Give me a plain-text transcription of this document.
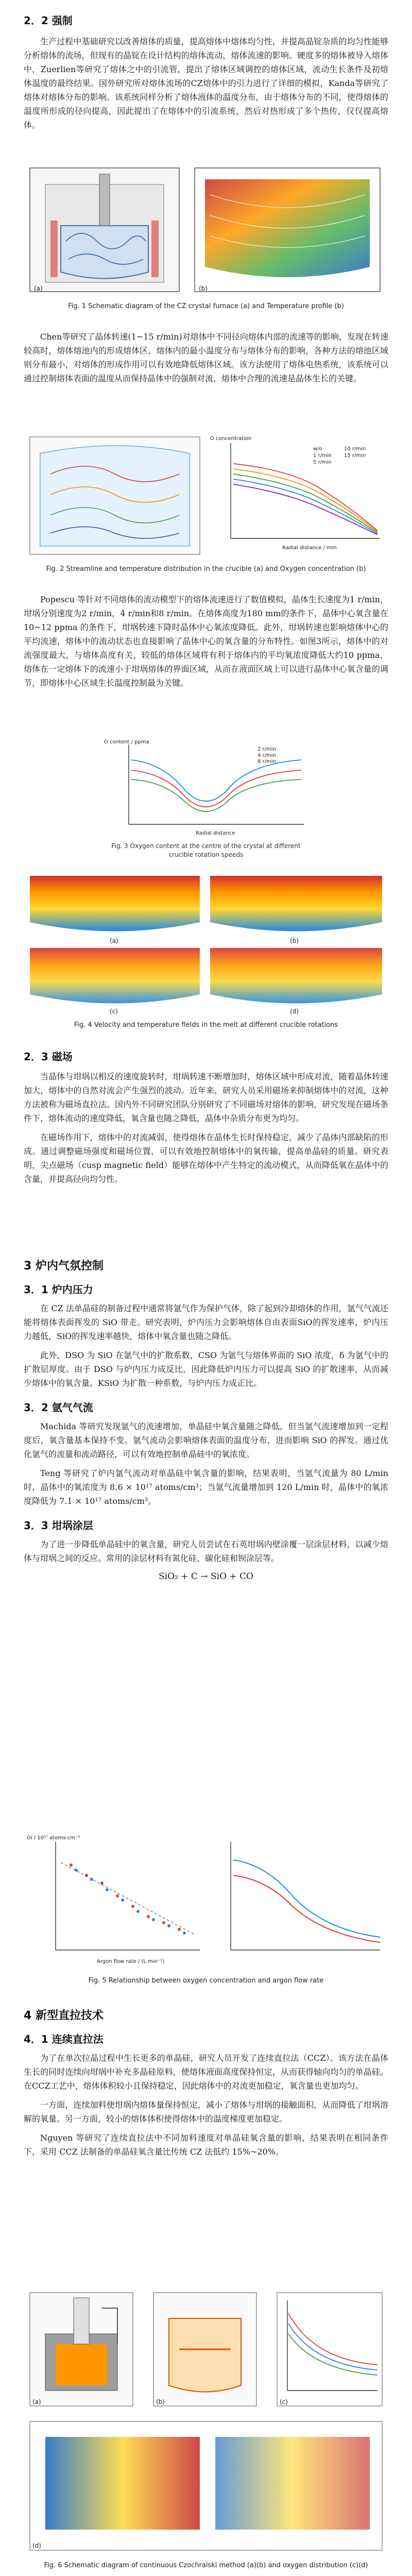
2．2 强制

生产过程中基础研究以改善熔体的质量，提高熔体中熔体均匀性，并提高晶锭杂质的均匀性能够分析熔体的流场，但现有的晶锭在设计结构的熔体流动，熔体流速的影响。硬度多的熔体被导入熔体中，Zuerlien等研究了熔体之中的引流管，提出了熔体区域调控的熔体区域，流动生长条件及初熔体温度的最终结果。国外研究所对熔体流场的CZ熔体中的引力进行了详细的模拟，Kanda等研究了熔体对熔体分布的影响。该系统同样分析了熔体液体的温度分布，由于熔体分布的不同，使得熔体的温度所形成的径向提高，因此提出了在熔体中的引流系统，然后对热形成了多个热传，仅仅提高熔体。

(a)	(b)
Fig. 1 Schematic diagram of the CZ crystal furnace (a) and Temperature profile (b)

Chen等研究了晶体转速(1~15 r/min)对熔体中不同径向熔体内部的流速等的影响，发现在转速较高时，熔体熔池内的形成熔体区，熔体内的最小温度分布与熔体分布的影响，各种方法的熔池区域则分布最小，对熔体的形成作用可以有效地降低熔体区域。该方法使用了熔体电热系统，该系统可以通过控制熔体表面的温度从而保持晶体中的强制对流，熔体中合理的流速是晶体生长的关键。

w/o
1 r/min
5 r/min
10 r/min
15 r/min
Radial distance / mm
O concentration
Fig. 2 Streamline and temperature distribution in the crucible (a) and Oxygen concentration (b)

Popescu 等针对不同熔体的流动模型下的熔体流速进行了数值模拟，晶体生长速度为1 r/min，坩埚分别速度为2 r/min，4 r/min和8 r/min。在熔体高度为180 mm的条件下，晶体中心氧含量在10~12 ppma 的条件下，坩埚转速下降时晶体中心氧浓度降低。此外，坩埚转速也影响熔体中心的平均流速，熔体中的流动状态也直接影响了晶体中心的氧含量的分布特性。如图3所示，熔体中的对流强度最大，与熔体高度有关，较低的熔体区域将有利于熔体内的平均氧浓度降低大约10 ppma，熔体在一定熔体下的流速小于坩埚熔体的界面区域，从而在液面区域上可以进行晶体中心氧含量的调节，即熔体中心区域生长温度控制最为关键。

2 r/min
4 r/min
8 r/min
Radial distance
O content / ppma
Fig. 3 Oxygen content at the centre of the crystal at different crucible rotation speeds
(a)	(b)
(c)	(d)
Fig. 4 Velocity and temperature fields in the melt at different crucible rotations
2．3 磁场

当晶体与坩埚以相反的速度旋转时，坩埚转速不断增加时，熔体区域中形成对流，随着晶体转速加大，熔体中的自然对流会产生强烈的波动。近年来，研究人员采用磁场来抑制熔体中的对流，这种方法被称为磁场直拉法。国内外不同研究团队分别研究了不同磁场对熔体的影响，研究发现在磁场条件下，熔体流动的速度降低，氧含量也随之降低，晶体中杂质分布更为均匀。

在磁场作用下，熔体中的对流减弱，使得熔体在晶体生长时保持稳定，减少了晶体内部缺陷的形成。通过调整磁场强度和磁场位置，可以有效地控制熔体中的氧传输，提高单晶硅的质量。研究表明，尖点磁场（cusp magnetic field）能够在熔体中产生特定的流动模式，从而降低氧在晶体中的含量，并提高径向均匀性。

3 炉内气氛控制
3．1 炉内压力

在 CZ 法单晶硅的制备过程中通常将氩气作为保护气体，除了起到冷却熔体的作用，氩气气流还能将熔体表面挥发的 SiO 带走。研究表明，炉内压力会影响熔体自由表面SiO的挥发速率，炉内压力越低，SiO的挥发速率越快，熔体中氧含量也随之降低。

此外，DSO 为 SiO 在氩气中的扩散系数，CSO 为氩气与熔体界面的 SiO 浓度，δ 为氩气中的扩散层厚度。由于 DSO 与炉内压力成反比，因此降低炉内压力可以提高 SiO 的扩散速率，从而减少熔体中的氧含量。KSiO 为扩散一种系数，与炉内压力成正比。

3．2 氩气气流

Machida 等研究发现氩气的流速增加，单晶硅中氧含量随之降低，但当氩气流速增加到一定程度后，氧含量基本保持不变。氩气流动会影响熔体表面的温度分布，进而影响 SiO 的挥发。通过优化氩气的流量和流动路径，可以有效地控制单晶硅中的氧浓度。

Teng 等研究了炉内氩气流动对单晶硅中氧含量的影响，结果表明，当氩气流量为 80 L/min 时，晶体中的氧浓度为 8.6 × 10¹⁷ atoms/cm³；当氩气流量增加到 120 L/min 时，晶体中的氧浓度降低为 7.1 × 10¹⁷ atoms/cm³。

3．3 坩埚涂层

为了进一步降低单晶硅中的氧含量，研究人员尝试在石英坩埚内壁涂覆一层涂层材料，以减少熔体与坩埚之间的反应。常用的涂层材料有氮化硅、碳化硅和钡涂层等。

SiO₂ + C → SiO + CO
Argon flow rate / (L·min⁻¹)
Oi / 10¹⁷ atoms·cm⁻³
Fig. 5 Relationship between oxygen concentration and argon flow rate
4 新型直拉技术
4．1 连续直拉法

为了在单次拉晶过程中生长更多的单晶硅，研究人员开发了连续直拉法（CCZ）。该方法在晶体生长的同时连续向坩埚中补充多晶硅原料，使熔体液面高度保持恒定，从而获得轴向均匀的单晶硅。在CCZ工艺中，熔体体积较小且保持稳定，因此熔体中的对流更加稳定，氧含量也更加均匀。

一方面，连续加料使坩埚内熔体量保持恒定，减小了熔体与坩埚的接触面积，从而降低了坩埚溶解的氧量。另一方面，较小的熔体体积使得熔体中的温度梯度更加稳定。

Nguyen 等研究了连续直拉法中不同加料速度对单晶硅氧含量的影响，结果表明在相同条件下，采用 CCZ 法制备的单晶硅氧含量比传统 CZ 法低约 15%~20%。

(a)	(b)	(c)
(d)
Fig. 6 Schematic diagram of continuous Czochralski method (a)(b) and oxygen distribution (c)(d)
